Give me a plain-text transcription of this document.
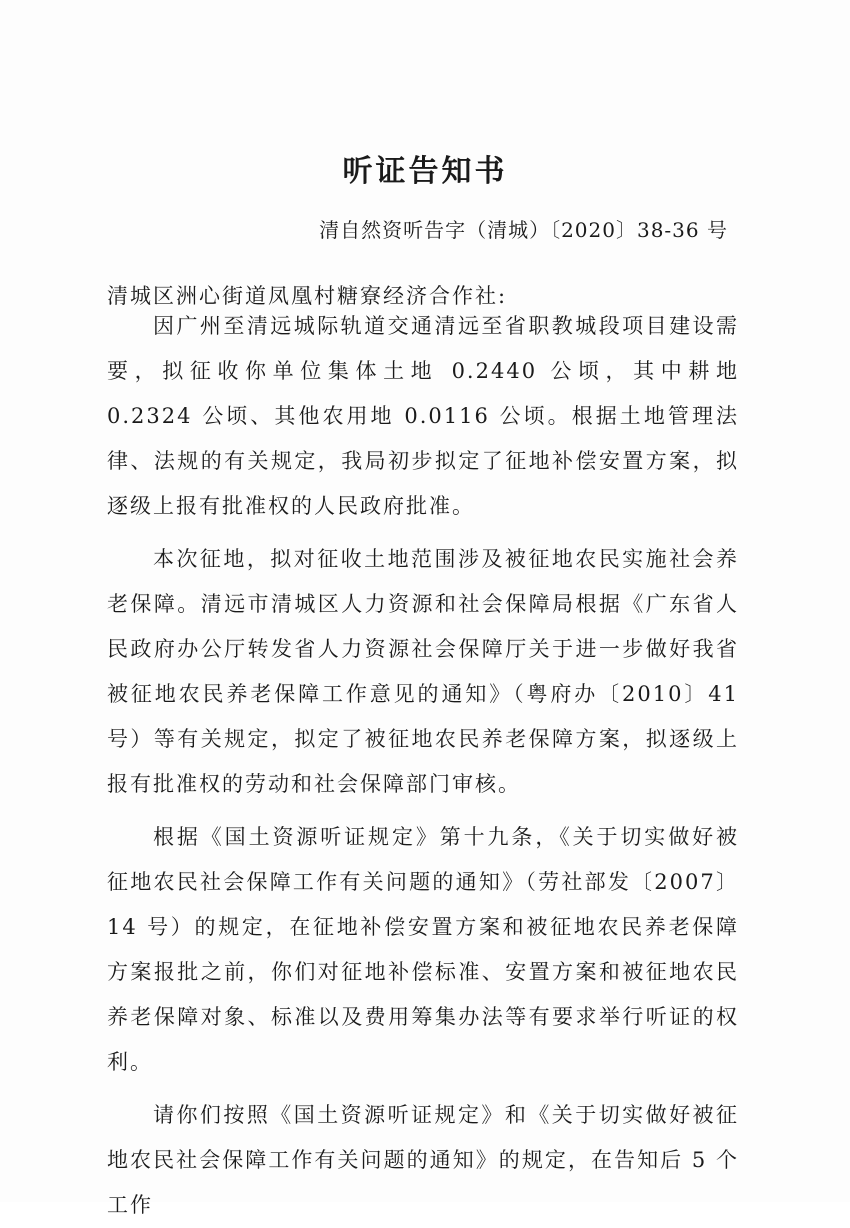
听证告知书
清自然资听告字（清城）〔2020〕38-36 号
清城区洲心街道凤凰村糖寮经济合作社:

因广州至清远城际轨道交通清远至省职教城段项目建设需要，拟征收你单位集体土地 0.2440 公顷，其中耕地 0.2324 公顷、其他农用地 0.0116 公顷。根据土地管理法律、法规的有关规定，我局初步拟定了征地补偿安置方案，拟逐级上报有批准权的人民政府批准。

本次征地，拟对征收土地范围涉及被征地农民实施社会养老保障。清远市清城区人力资源和社会保障局根据《广东省人民政府办公厅转发省人力资源社会保障厅关于进一步做好我省被征地农民养老保障工作意见的通知》（粤府办〔2010〕41 号）等有关规定，拟定了被征地农民养老保障方案，拟逐级上报有批准权的劳动和社会保障部门审核。

根据《国土资源听证规定》第十九条，《关于切实做好被征地农民社会保障工作有关问题的通知》（劳社部发〔2007〕14 号）的规定，在征地补偿安置方案和被征地农民养老保障方案报批之前，你们对征地补偿标准、安置方案和被征地农民养老保障对象、标准以及费用筹集办法等有要求举行听证的权利。

请你们按照《国土资源听证规定》和《关于切实做好被征地农民社会保障工作有关问题的通知》的规定，在告知后 5 个工作
